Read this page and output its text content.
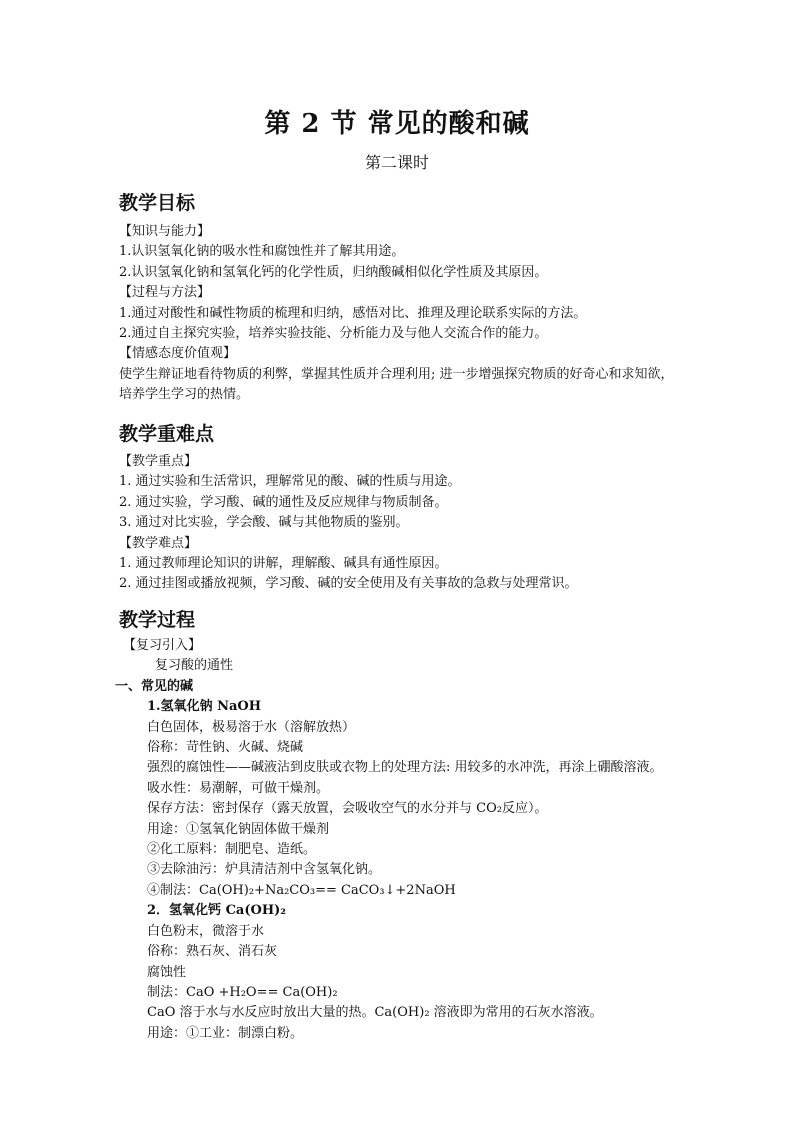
第 2 节 常见的酸和碱
第二课时
教学目标
教学重难点
教学过程
【知识与能力】
1.认识氢氧化钠的吸水性和腐蚀性并了解其用途。
2.认识氢氧化钠和氢氧化钙的化学性质，归纳酸碱相似化学性质及其原因。
【过程与方法】
1.通过对酸性和碱性物质的梳理和归纳，感悟对比、推理及理论联系实际的方法。
2.通过自主探究实验，培养实验技能、分析能力及与他人交流合作的能力。
【情感态度价值观】
使学生辩证地看待物质的利弊，掌握其性质并合理利用; 进一步增强探究物质的好奇心和求知欲，培养学生学习的热情。
【教学重点】
1. 通过实验和生活常识，理解常见的酸、碱的性质与用途。
2. 通过实验，学习酸、碱的通性及反应规律与物质制备。
3. 通过对比实验，学会酸、碱与其他物质的鉴别。
【教学难点】
1. 通过教师理论知识的讲解，理解酸、碱具有通性原因。
2. 通过挂图或播放视频，学习酸、碱的安全使用及有关事故的急救与处理常识。
【复习引入】
复习酸的通性
一、常见的碱
1.氢氧化钠 NaOH
白色固体，极易溶于水（溶解放热）
俗称：苛性钠、火碱、烧碱
强烈的腐蚀性——碱液沾到皮肤或衣物上的处理方法: 用较多的水冲洗，再涂上硼酸溶液。
吸水性：易潮解，可做干燥剂。
保存方法：密封保存（露天放置，会吸收空气的水分并与 CO₂反应）。
用途：①氢氧化钠固体做干燥剂
②化工原料：制肥皂、造纸。
③去除油污：炉具清洁剂中含氢氧化钠。
④制法：Ca(OH)₂+Na₂CO₃== CaCO₃↓+2NaOH
2．氢氧化钙 Ca(OH)₂
白色粉末，微溶于水
俗称：熟石灰、消石灰
腐蚀性
制法：CaO +H₂O== Ca(OH)₂
CaO 溶于水与水反应时放出大量的热。Ca(OH)₂ 溶液即为常用的石灰水溶液。
用途：①工业：制漂白粉。
